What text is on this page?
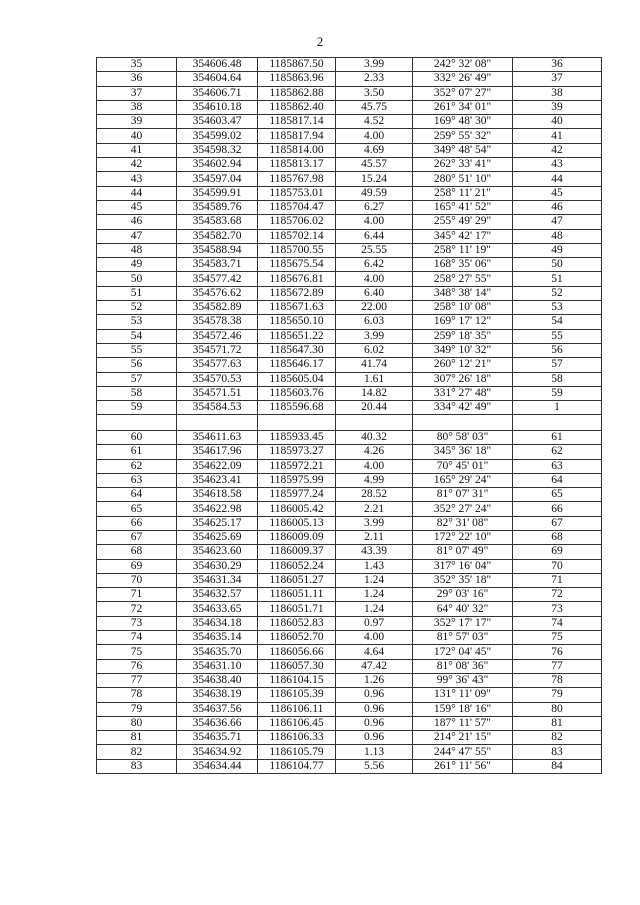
2
35	354606.48	1185867.50	3.99	242° 32' 08"	36
36	354604.64	1185863.96	2.33	332° 26' 49"	37
37	354606.71	1185862.88	3.50	352° 07' 27"	38
38	354610.18	1185862.40	45.75	261° 34' 01"	39
39	354603.47	1185817.14	4.52	169° 48' 30"	40
40	354599.02	1185817.94	4.00	259° 55' 32"	41
41	354598.32	1185814.00	4.69	349° 48' 54"	42
42	354602.94	1185813.17	45.57	262° 33' 41"	43
43	354597.04	1185767.98	15.24	280° 51' 10"	44
44	354599.91	1185753.01	49.59	258° 11' 21"	45
45	354589.76	1185704.47	6.27	165° 41' 52"	46
46	354583.68	1185706.02	4.00	255° 49' 29"	47
47	354582.70	1185702.14	6.44	345° 42' 17"	48
48	354588.94	1185700.55	25.55	258° 11' 19"	49
49	354583.71	1185675.54	6.42	168° 35' 06"	50
50	354577.42	1185676.81	4.00	258° 27' 55"	51
51	354576.62	1185672.89	6.40	348° 38' 14"	52
52	354582.89	1185671.63	22.00	258° 10' 08"	53
53	354578.38	1185650.10	6.03	169° 17' 12"	54
54	354572.46	1185651.22	3.99	259° 18' 35"	55
55	354571.72	1185647.30	6.02	349° 10' 32"	56
56	354577.63	1185646.17	41.74	260° 12' 21"	57
57	354570.53	1185605.04	1.61	307° 26' 18"	58
58	354571.51	1185603.76	14.82	331° 27' 48"	59
59	354584.53	1185596.68	20.44	334° 42' 49"	1

60	354611.63	1185933.45	40.32	80° 58' 03"	61
61	354617.96	1185973.27	4.26	345° 36' 18"	62
62	354622.09	1185972.21	4.00	70° 45' 01"	63
63	354623.41	1185975.99	4.99	165° 29' 24"	64
64	354618.58	1185977.24	28.52	81° 07' 31"	65
65	354622.98	1186005.42	2.21	352° 27' 24"	66
66	354625.17	1186005.13	3.99	82° 31' 08"	67
67	354625.69	1186009.09	2.11	172° 22' 10"	68
68	354623.60	1186009.37	43.39	81° 07' 49"	69
69	354630.29	1186052.24	1.43	317° 16' 04"	70
70	354631.34	1186051.27	1.24	352° 35' 18"	71
71	354632.57	1186051.11	1.24	29° 03' 16"	72
72	354633.65	1186051.71	1.24	64° 40' 32"	73
73	354634.18	1186052.83	0.97	352° 17' 17"	74
74	354635.14	1186052.70	4.00	81° 57' 03"	75
75	354635.70	1186056.66	4.64	172° 04' 45"	76
76	354631.10	1186057.30	47.42	81° 08' 36"	77
77	354638.40	1186104.15	1.26	99° 36' 43"	78
78	354638.19	1186105.39	0.96	131° 11' 09"	79
79	354637.56	1186106.11	0.96	159° 18' 16"	80
80	354636.66	1186106.45	0.96	187° 11' 57"	81
81	354635.71	1186106.33	0.96	214° 21' 15"	82
82	354634.92	1186105.79	1.13	244° 47' 55"	83
83	354634.44	1186104.77	5.56	261° 11' 56"	84
